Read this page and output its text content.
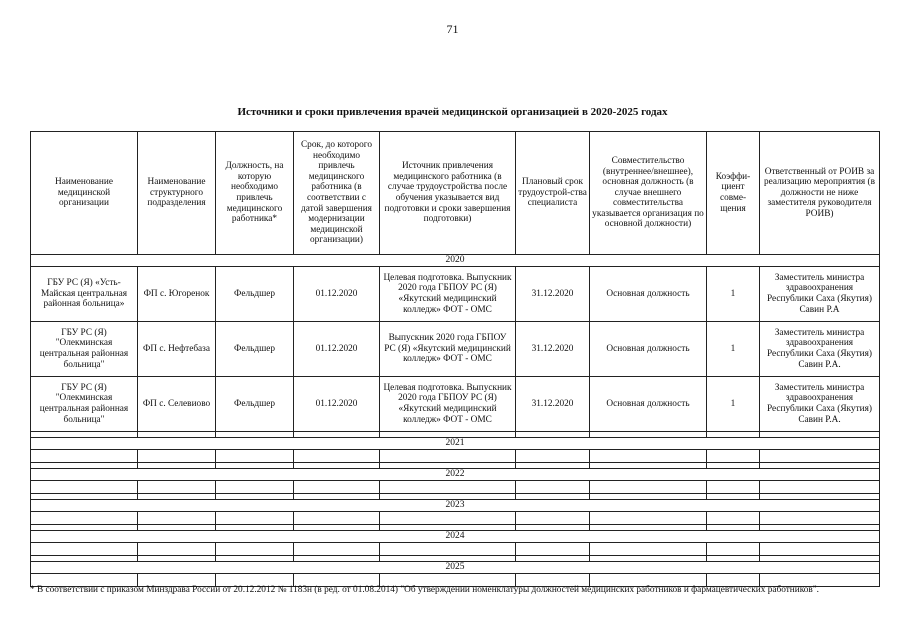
71
Источники и сроки привлечения врачей медицинской организацией в 2020-2025 годах
Наименование медицинской организации	Наименование структурного подразделения	Должность, на которую необходимо привлечь медицинского работника*	Срок, до которого необходимо привлечь медицинского работника (в соответствии с датой завершения модернизации медицинской организации)	Источник привлечения медицинского работника (в случае трудоустройства после обучения указывается вид подготовки и сроки завершения подготовки)	Плановый срок трудоустрой-ства специалиста	Совместительство (внутреннее/внешнее), основная должность (в случае внешнего совместительства указывается организация по основной должности)	Коэффи-циент совме-щения	Ответственный от РОИВ за реализацию мероприятия (в должности не ниже заместителя руководителя РОИВ)
2020								
ГБУ РС (Я) «Усть-Майская центральная районная больница»	ФП с. Югоренок	Фельдшер	01.12.2020	Целевая подготовка. Выпускник 2020 года ГБПОУ РС (Я) «Якутский медицинский колледж» ФОТ - ОМС	31.12.2020	Основная должность	1	Заместитель министра здравоохранения Республики Саха (Якутия) Савин Р.А
ГБУ РС (Я) "Олекминская центральная районная больница"	ФП с. Нефтебаза	Фельдшер	01.12.2020	Выпускник 2020 года ГБПОУ РС (Я) «Якутский медицинский колледж» ФОТ - ОМС	31.12.2020	Основная должность	1	Заместитель министра здравоохранения Республики Саха (Якутия) Савин Р.А.
ГБУ РС (Я) "Олекминская центральная районная больница"	ФП с. Селевиово	Фельдшер	01.12.2020	Целевая подготовка. Выпускник 2020 года ГБПОУ РС (Я) «Якутский медицинский колледж» ФОТ - ОМС	31.12.2020	Основная должность	1	Заместитель министра здравоохранения Республики Саха (Якутия) Савин Р.А.

2021								

2022								

2023								

2024								

2025								

* В соответствии с приказом Минздрава России от 20.12.2012 № 1183н (в ред. от 01.08.2014) "Об утверждении номенклатуры должностей медицинских работников и фармацевтических работников".
